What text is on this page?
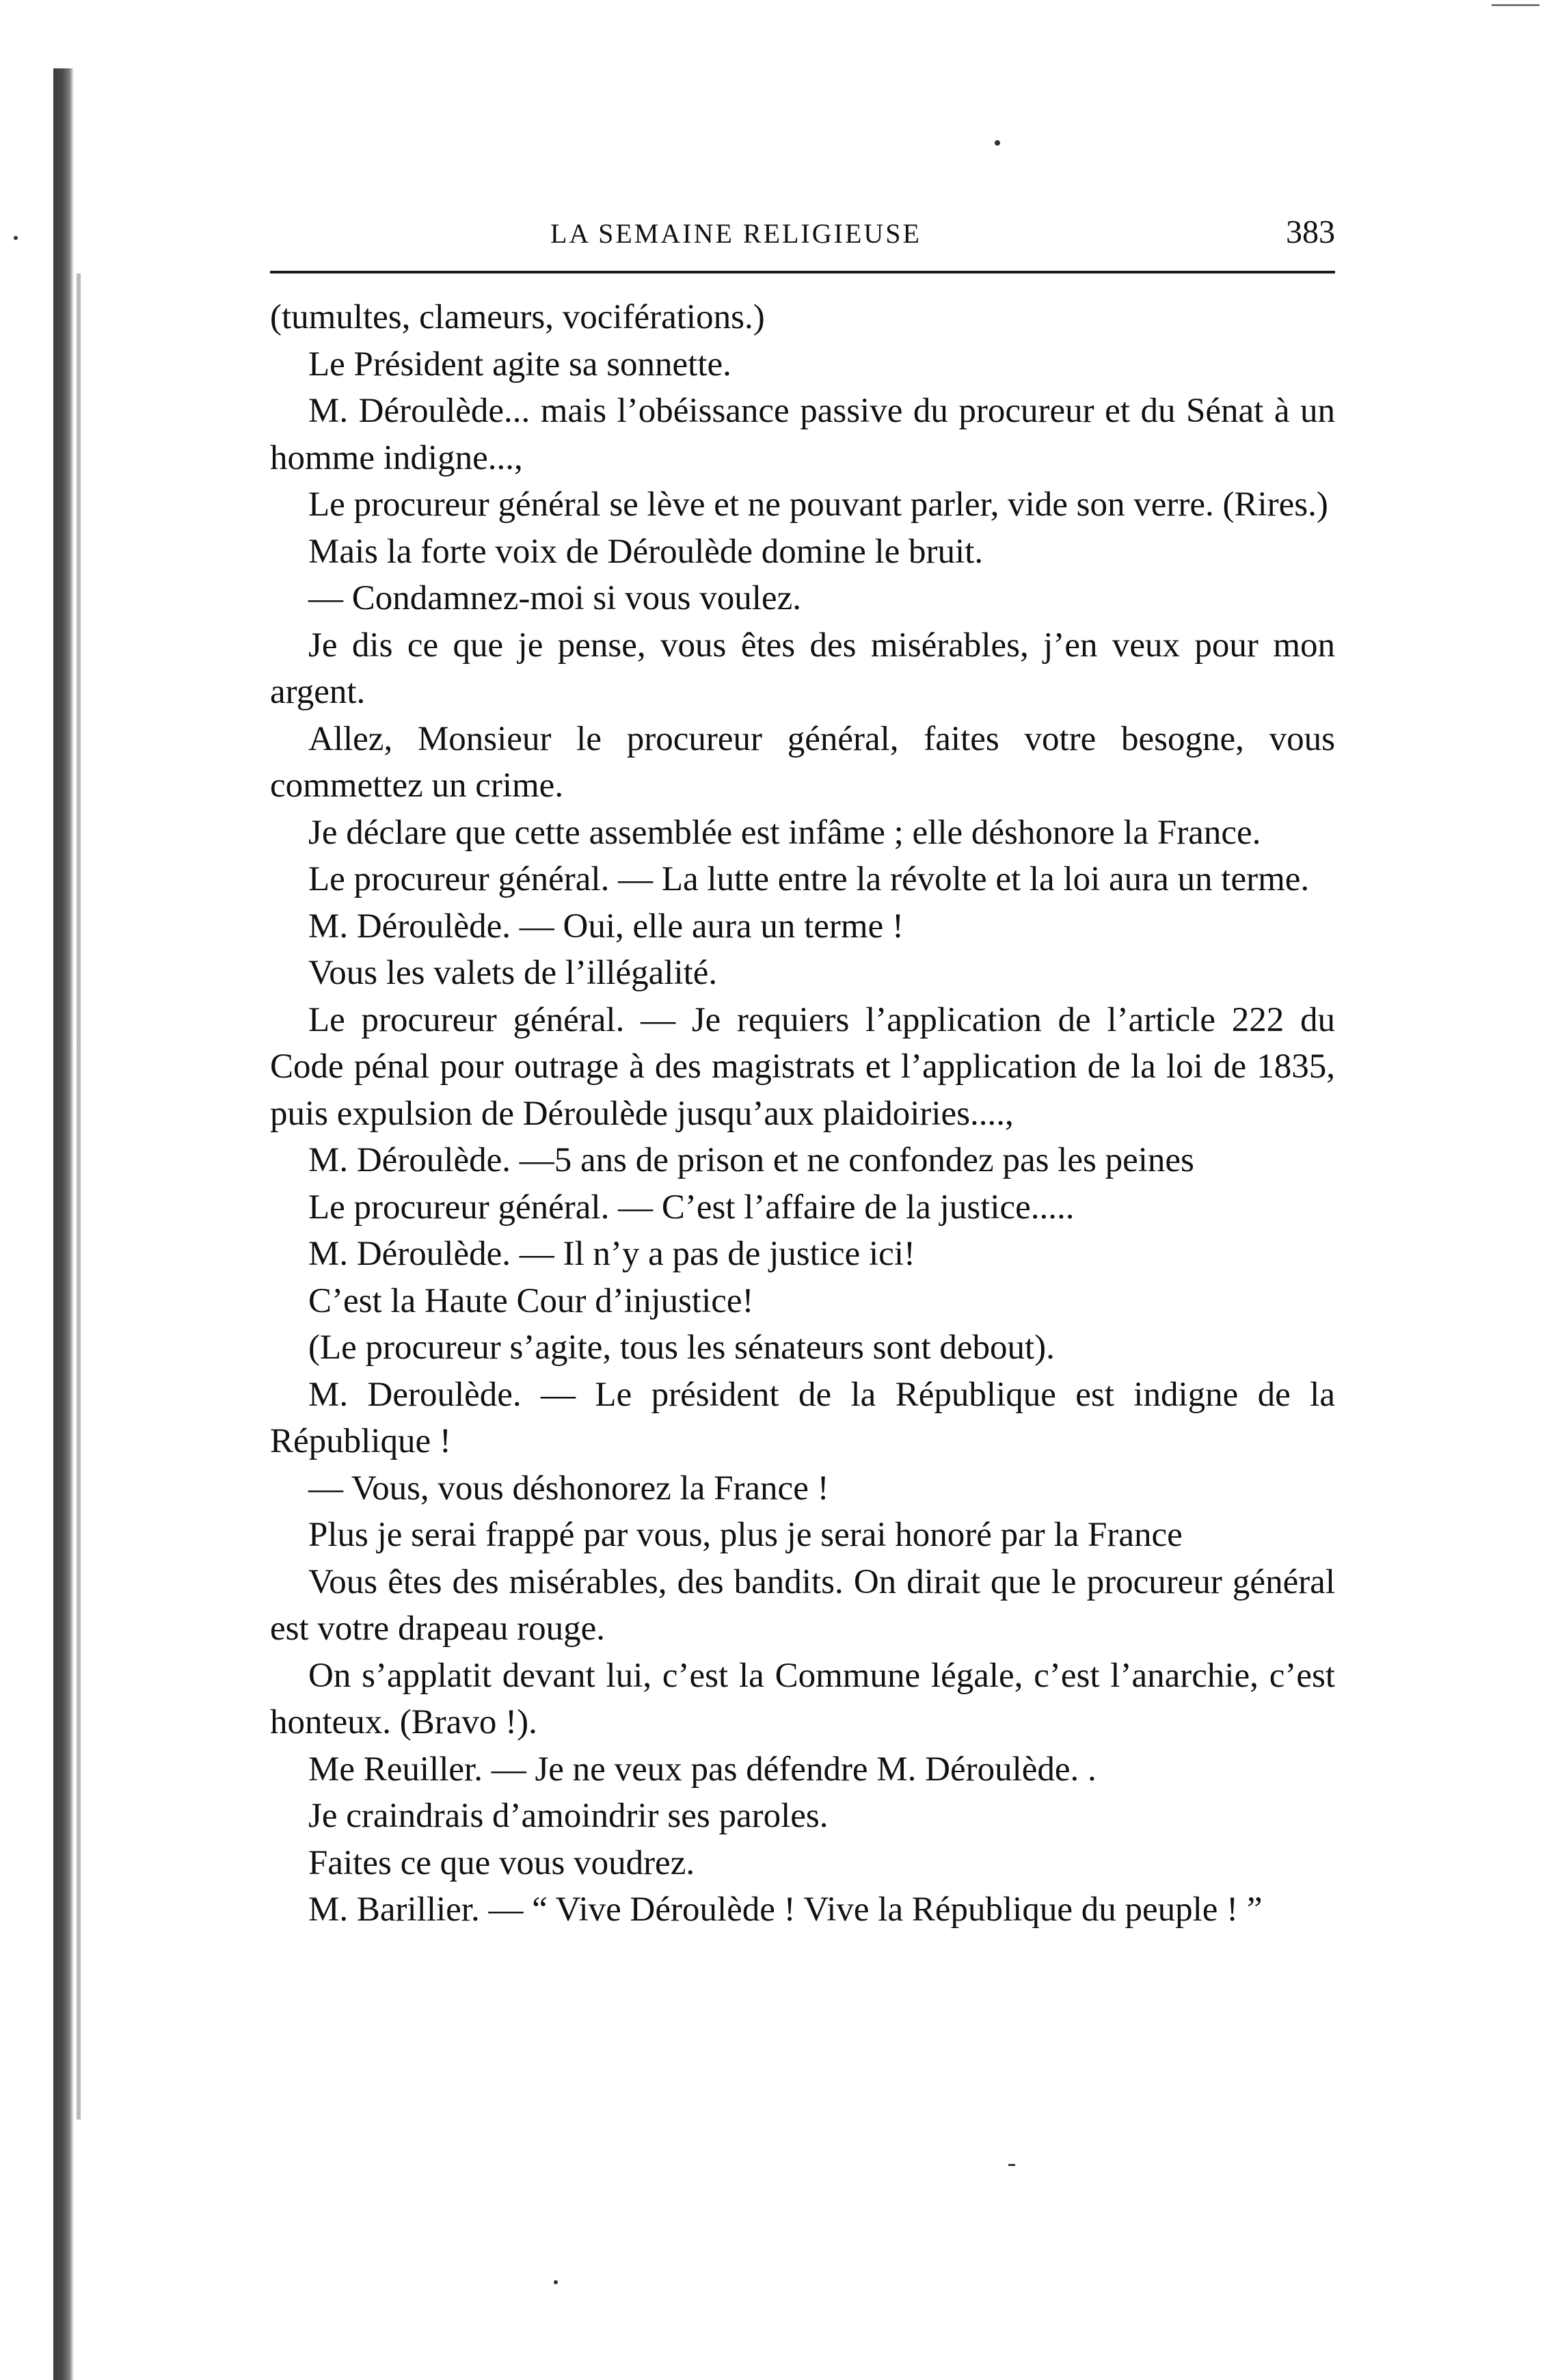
LA SEMAINE RELIGIEUSE	383

(tumultes, clameurs, vociférations.)

Le Président agite sa sonnette.

M. Déroulède... mais l’obéissance passive du procureur et du Sénat à un homme indigne...,

Le procureur général se lève et ne pouvant parler, vide son verre. (Rires.)

Mais la forte voix de Déroulède domine le bruit.

— Condamnez-moi si vous voulez.

Je dis ce que je pense, vous êtes des misérables, j’en veux pour mon argent.

Allez, Monsieur le procureur général, faites votre besogne, vous commettez un crime.

Je déclare que cette assemblée est infâme ; elle déshonore la France.

Le procureur général. — La lutte entre la révolte et la loi aura un terme.

M. Déroulède. — Oui, elle aura un terme !

Vous les valets de l’illégalité.

Le procureur général. — Je requiers l’application de l’article 222 du Code pénal pour outrage à des magistrats et l’application de la loi de 1835, puis expulsion de Déroulède jusqu’aux plaidoiries....,

M. Déroulède. —5 ans de prison et ne confondez pas les peines

Le procureur général. — C’est l’affaire de la justice.....

M. Déroulède. — Il n’y a pas de justice ici!

C’est la Haute Cour d’injustice!

(Le procureur s’agite, tous les sénateurs sont debout).

M. Deroulède. — Le président de la République est indigne de la République !

— Vous, vous déshonorez la France !

Plus je serai frappé par vous, plus je serai honoré par la France

Vous êtes des misérables, des bandits. On dirait que le procureur général est votre drapeau rouge.

On s’applatit devant lui, c’est la Commune légale, c’est l’anarchie, c’est honteux. (Bravo !).

Me Reuiller. — Je ne veux pas défendre M. Déroulède. .

Je craindrais d’amoindrir ses paroles.

Faites ce que vous voudrez.

M. Barillier. — “ Vive Déroulède ! Vive la République du peuple ! ”
